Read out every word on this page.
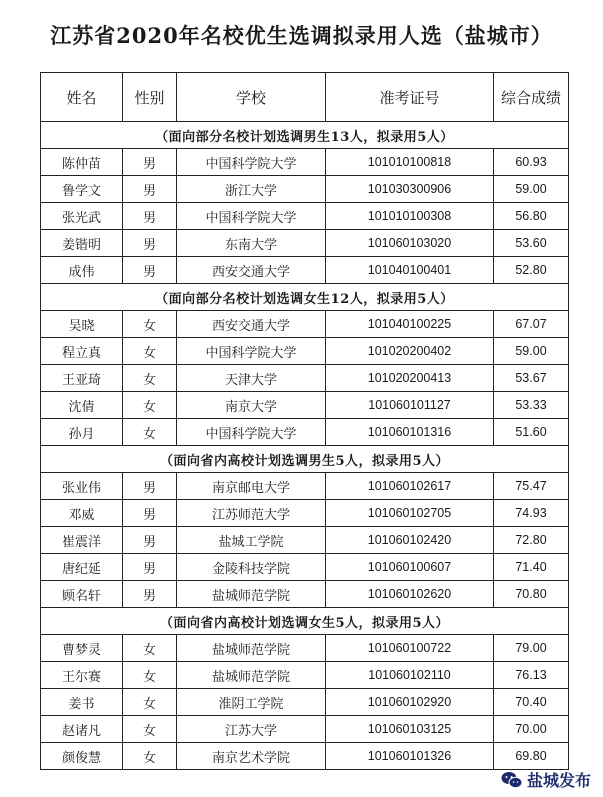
江苏省2020年名校优生选调拟录用人选（盐城市）
姓名	性别	学校	准考证号	综合成绩
（面向部分名校计划选调男生13人，拟录用5人）				
陈仲苗	男	中国科学院大学	101010100818	60.93
鲁学文	男	浙江大学	101030300906	59.00
张光武	男	中国科学院大学	101010100308	56.80
姜锴明	男	东南大学	101060103020	53.60
成伟	男	西安交通大学	101040100401	52.80
（面向部分名校计划选调女生12人，拟录用5人）				
吴晓	女	西安交通大学	101040100225	67.07
程立真	女	中国科学院大学	101020200402	59.00
王亚琦	女	天津大学	101020200413	53.67
沈倩	女	南京大学	101060101127	53.33
孙月	女	中国科学院大学	101060101316	51.60
（面向省内高校计划选调男生5人，拟录用5人）				
张业伟	男	南京邮电大学	101060102617	75.47
邓威	男	江苏师范大学	101060102705	74.93
崔震洋	男	盐城工学院	101060102420	72.80
唐纪延	男	金陵科技学院	101060100607	71.40
顾名轩	男	盐城师范学院	101060102620	70.80
（面向省内高校计划选调女生5人，拟录用5人）				
曹梦灵	女	盐城师范学院	101060100722	79.00
王尔赛	女	盐城师范学院	101060102110	76.13
姜书	女	淮阴工学院	101060102920	70.40
赵诸凡	女	江苏大学	101060103125	70.00
颜俊慧	女	南京艺术学院	101060101326	69.80
盐城发布
